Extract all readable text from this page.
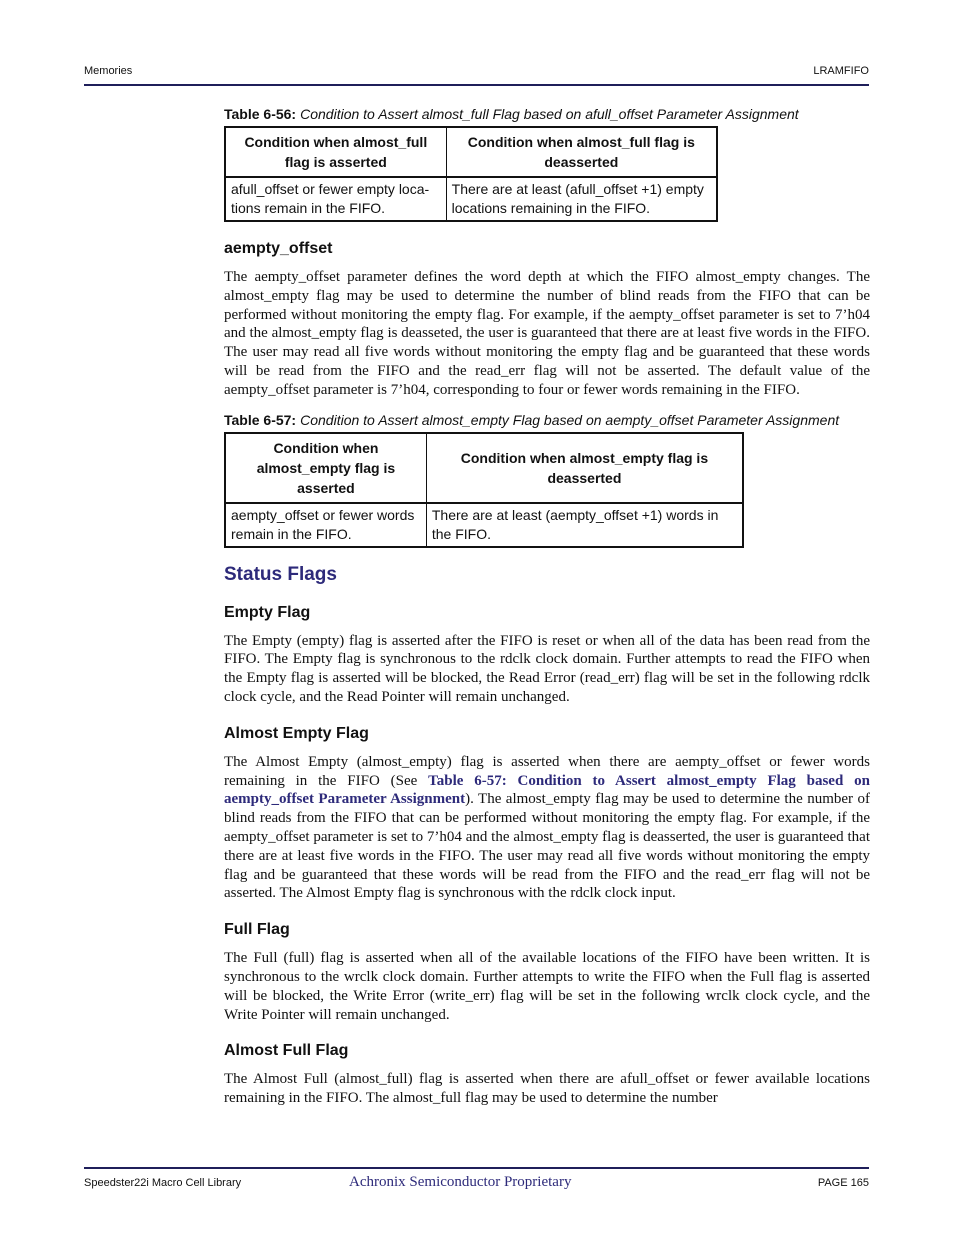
Memories	LRAMFIFO
Table 6-56: Condition to Assert almost_full Flag based on afull_offset Parameter Assignment
Condition when almost_full flag is asserted	Condition when almost_full flag is deasserted
afull_offset or fewer empty loca-tions remain in the FIFO.	There are at least (afull_offset +1) empty locations remaining in the FIFO.
aempty_offset

The aempty_offset parameter defines the word depth at which the FIFO almost_empty changes. The almost_empty flag may be used to determine the number of blind reads from the FIFO that can be performed without monitoring the empty flag. For example, if the aempty_offset parameter is set to 7’h04 and the almost_empty flag is deasseted, the user is guaranteed that there are at least five words in the FIFO. The user may read all five words without monitoring the empty flag and be guaranteed that these words will be read from the FIFO and the read_err flag will not be asserted. The default value of the aempty_offset parameter is 7’h04, corresponding to four or fewer words remaining in the FIFO.

Table 6-57: Condition to Assert almost_empty Flag based on aempty_offset Parameter Assignment
Condition when almost_empty flag is asserted	Condition when almost_empty flag is deasserted
aempty_offset or fewer words remain in the FIFO.	There are at least (aempty_offset +1) words in the FIFO.
Status Flags
Empty Flag

The Empty (empty) flag is asserted after the FIFO is reset or when all of the data has been read from the FIFO. The Empty flag is synchronous to the rdclk clock domain. Further attempts to read the FIFO when the Empty flag is asserted will be blocked, the Read Error (read_err) flag will be set in the following rdclk clock cycle, and the Read Pointer will remain unchanged.

Almost Empty Flag

The Almost Empty (almost_empty) flag is asserted when there are aempty_offset or fewer words remaining in the FIFO (See Table 6-57: Condition to Assert almost_empty Flag based on aempty_offset Parameter Assignment). The almost_empty flag may be used to determine the number of blind reads from the FIFO that can be performed without monitoring the empty flag. For example, if the aempty_offset parameter is set to 7’h04 and the almost_empty flag is deasserted, the user is guaranteed that there are at least five words in the FIFO. The user may read all five words without monitoring the empty flag and be guaranteed that these words will be read from the FIFO and the read_err flag will not be asserted. The Almost Empty flag is synchronous with the rdclk clock input.

Full Flag

The Full (full) flag is asserted when all of the available locations of the FIFO have been written. It is synchronous to the wrclk clock domain. Further attempts to write the FIFO when the Full flag is asserted will be blocked, the Write Error (write_err) flag will be set in the following wrclk clock cycle, and the Write Pointer will remain unchanged.

Almost Full Flag

The Almost Full (almost_full) flag is asserted when there are afull_offset or fewer available locations remaining in the FIFO. The almost_full flag may be used to determine the number

Speedster22i Macro Cell Library	Achronix Semiconductor Proprietary	PAGE 165
